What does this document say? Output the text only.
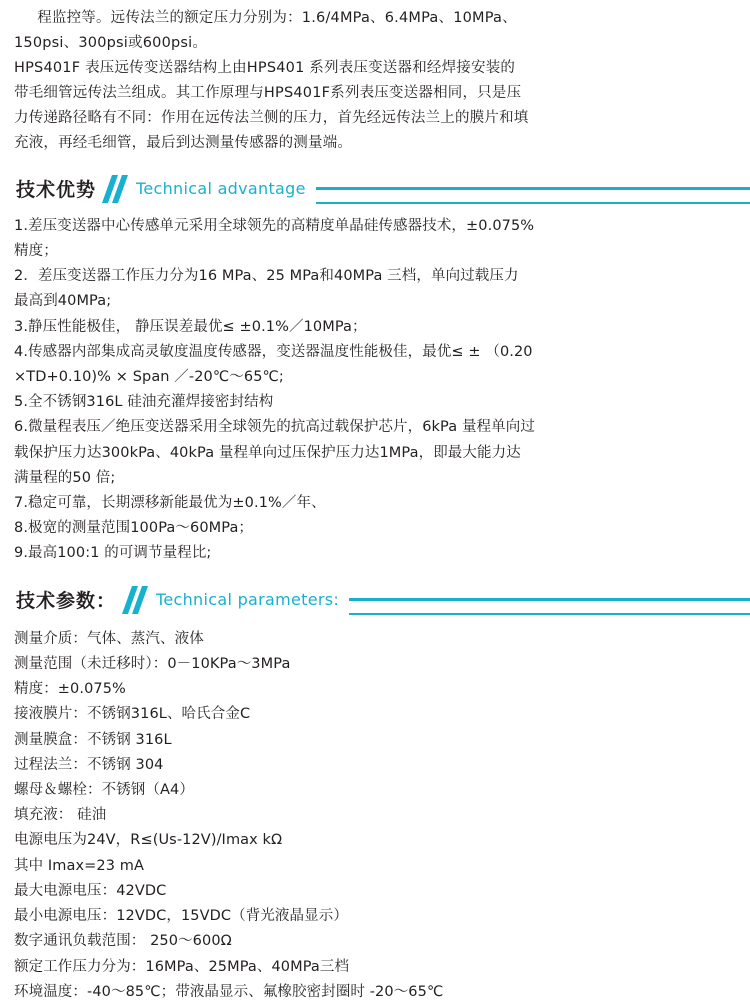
程监控等。远传法兰的额定压力分别为：1.6/4MPa、6.4MPa、10MPa、

150psi、300psi或600psi。

HPS401F 表压远传变送器结构上由HPS401 系列表压变送器和经焊接安装的

带毛细管远传法兰组成。其工作原理与HPS401F系列表压变送器相同，只是压

力传递路径略有不同：作用在远传法兰侧的压力，首先经远传法兰上的膜片和填

充液，再经毛细管，最后到达测量传感器的测量端。

技术优势	Technical advantage

1.差压变送器中心传感单元采用全球领先的高精度单晶硅传感器技术，±0.075%

精度；

2．差压变送器工作压力分为16 MPa、25 MPa和40MPa 三档，单向过载压力

最高到40MPa;

3.静压性能极佳， 静压误差最优≤ ±0.1%／10MPa；

4.传感器内部集成高灵敏度温度传感器，变送器温度性能极佳，最优≤ ± （0.20

×TD+0.10)% × Span ／-20℃～65℃;

5.全不锈钢316L 硅油充灌焊接密封结构

6.微量程表压／绝压变送器采用全球领先的抗高过载保护芯片，6kPa 量程单向过

载保护压力达300kPa、40kPa 量程单向过压保护压力达1MPa，即最大能力达

满量程的50 倍;

7.稳定可靠，长期漂移新能最优为±0.1%／年、

8.极宽的测量范围100Pa～60MPa；

9.最高100:1 的可调节量程比;

技术参数：	Technical parameters:

测量介质：气体、蒸汽、液体

测量范围（未迁移时）：0－10KPa～3MPa

精度：±0.075%

接液膜片：不锈钢316L、哈氏合金C

测量膜盒：不锈钢 316L

过程法兰：不锈钢 304

螺母＆螺栓：不锈钢（A4）

填充液： 硅油

电源电压为24V，R≤(Us-12V)/Imax kΩ

其中 Imax=23 mA

最大电源电压：42VDC

最小电源电压：12VDC，15VDC（背光液晶显示）

数字通讯负载范围： 250～600Ω

额定工作压力分为：16MPa、25MPa、40MPa三档

环境温度：-40～85℃；带液晶显示、氟橡胶密封圈时 -20～65℃
